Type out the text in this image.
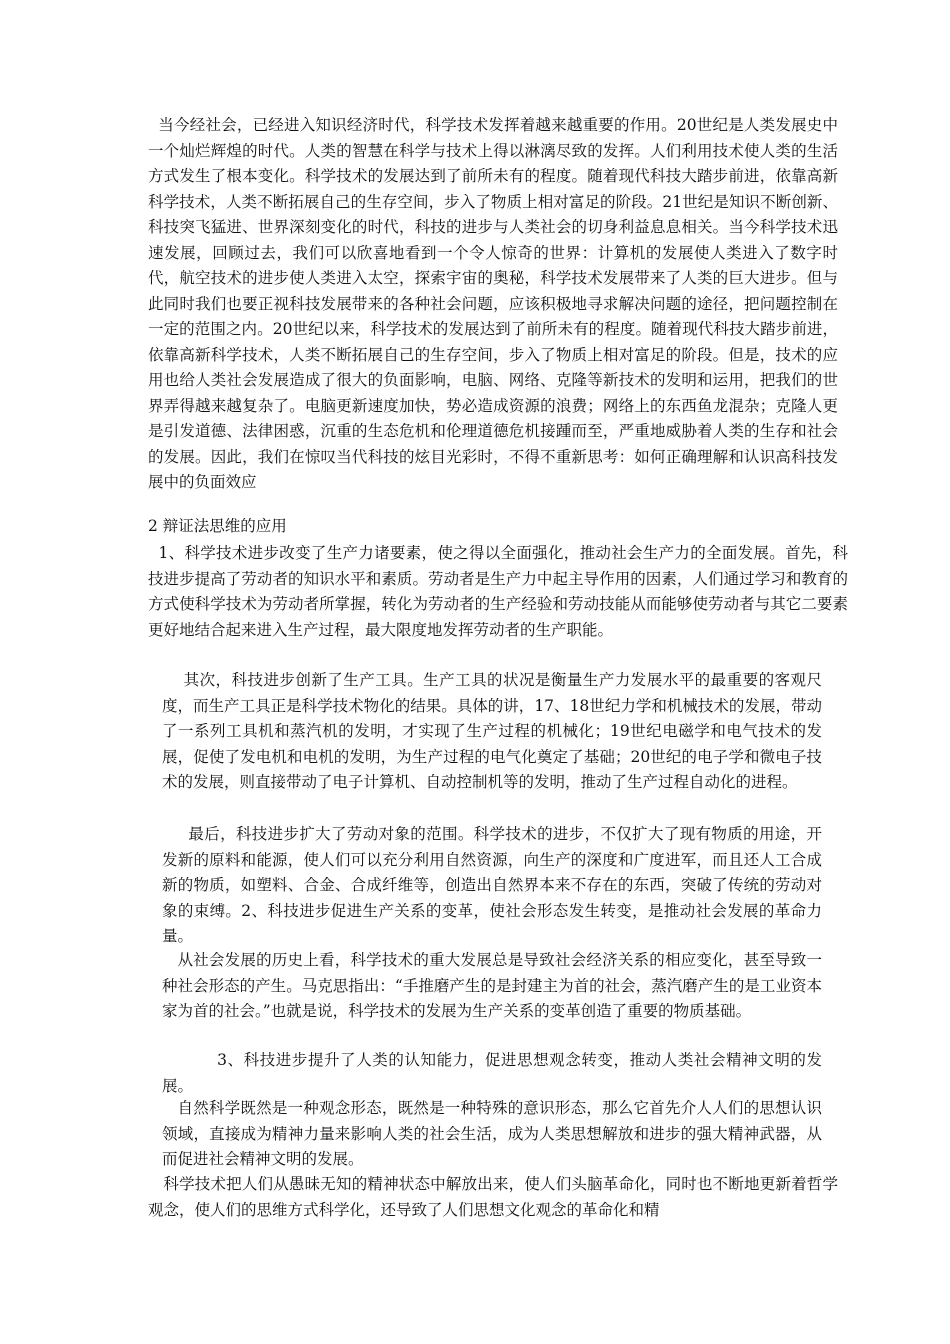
当今经社会，已经进入知识经济时代，科学技术发挥着越来越重要的作用。20世纪是人类发展史中一个灿烂辉煌的时代。人类的智慧在科学与技术上得以淋漓尽致的发挥。人们利用技术使人类的生活方式发生了根本变化。科学技术的发展达到了前所未有的程度。随着现代科技大踏步前进，依靠高新科学技术，人类不断拓展自己的生存空间，步入了物质上相对富足的阶段。21世纪是知识不断创新、科技突飞猛进、世界深刻变化的时代，科技的进步与人类社会的切身利益息息相关。当今科学技术迅速发展，回顾过去，我们可以欣喜地看到一个令人惊奇的世界：计算机的发展使人类进入了数字时代，航空技术的进步使人类进入太空，探索宇宙的奥秘，科学技术发展带来了人类的巨大进步。但与此同时我们也要正视科技发展带来的各种社会问题，应该积极地寻求解决问题的途径，把问题控制在一定的范围之内。20世纪以来，科学技术的发展达到了前所未有的程度。随着现代科技大踏步前进，依靠高新科学技术，人类不断拓展自己的生存空间，步入了物质上相对富足的阶段。但是，技术的应用也给人类社会发展造成了很大的负面影响，电脑、网络、克隆等新技术的发明和运用，把我们的世界弄得越来越复杂了。电脑更新速度加快，势必造成资源的浪费；网络上的东西鱼龙混杂；克隆人更是引发道德、法律困惑，沉重的生态危机和伦理道德危机接踵而至，严重地威胁着人类的生存和社会的发展。因此，我们在惊叹当代科技的炫目光彩时，不得不重新思考：如何正确理解和认识高科技发展中的负面效应

2 辩证法思维的应用

1、科学技术进步改变了生产力诸要素，使之得以全面强化，推动社会生产力的全面发展。首先，科技进步提高了劳动者的知识水平和素质。劳动者是生产力中起主导作用的因素，人们通过学习和教育的方式使科学技术为劳动者所掌握，转化为劳动者的生产经验和劳动技能从而能够使劳动者与其它二要素更好地结合起来进入生产过程，最大限度地发挥劳动者的生产职能。

其次，科技进步创新了生产工具。生产工具的状况是衡量生产力发展水平的最重要的客观尺度，而生产工具正是科学技术物化的结果。具体的讲，17、18世纪力学和机械技术的发展，带动了一系列工具机和蒸汽机的发明，才实现了生产过程的机械化；19世纪电磁学和电气技术的发展，促使了发电机和电机的发明，为生产过程的电气化奠定了基础；20世纪的电子学和微电子技术的发展，则直接带动了电子计算机、自动控制机等的发明，推动了生产过程自动化的进程。

最后，科技进步扩大了劳动对象的范围。科学技术的进步，不仅扩大了现有物质的用途，开发新的原料和能源，使人们可以充分利用自然资源，向生产的深度和广度进军，而且还人工合成新的物质，如塑料、合金、合成纤维等，创造出自然界本来不存在的东西，突破了传统的劳动对象的束缚。2、科技进步促进生产关系的变革，使社会形态发生转变，是推动社会发展的革命力量。

从社会发展的历史上看，科学技术的重大发展总是导致社会经济关系的相应变化，甚至导致一种社会形态的产生。马克思指出：“手推磨产生的是封建主为首的社会，蒸汽磨产生的是工业资本家为首的社会。”也就是说，科学技术的发展为生产关系的变革创造了重要的物质基础。

3、科技进步提升了人类的认知能力，促进思想观念转变，推动人类社会精神文明的发展。

自然科学既然是一种观念形态，既然是一种特殊的意识形态，那么它首先介人人们的思想认识领域，直接成为精神力量来影响人类的社会生活，成为人类思想解放和进步的强大精神武器，从而促进社会精神文明的发展。

科学技术把人们从愚昧无知的精神状态中解放出来，使人们头脑革命化，同时也不断地更新着哲学观念，使人们的思维方式科学化，还导致了人们思想文化观念的革命化和精
